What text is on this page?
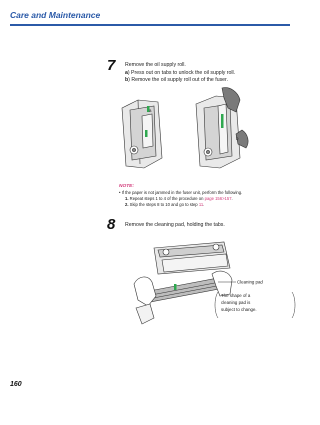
Care and Maintenance
7 Remove the oil supply roll.
a) Press out on tabs to unlock the oil supply roll.
b) Remove the oil supply roll out of the fuser.
a
b
NOTE:
• If the paper is not jammed in the fuser unit, perform the following.
1. Repeat steps 1 to 4 of the procedure on page 156>157.
2. Skip the steps 8 to 10 and go to step 11.
8 Remove the cleaning pad, holding the tabs.
Cleaning pad
The shape of a
cleaning pad is
subject to change.
160
